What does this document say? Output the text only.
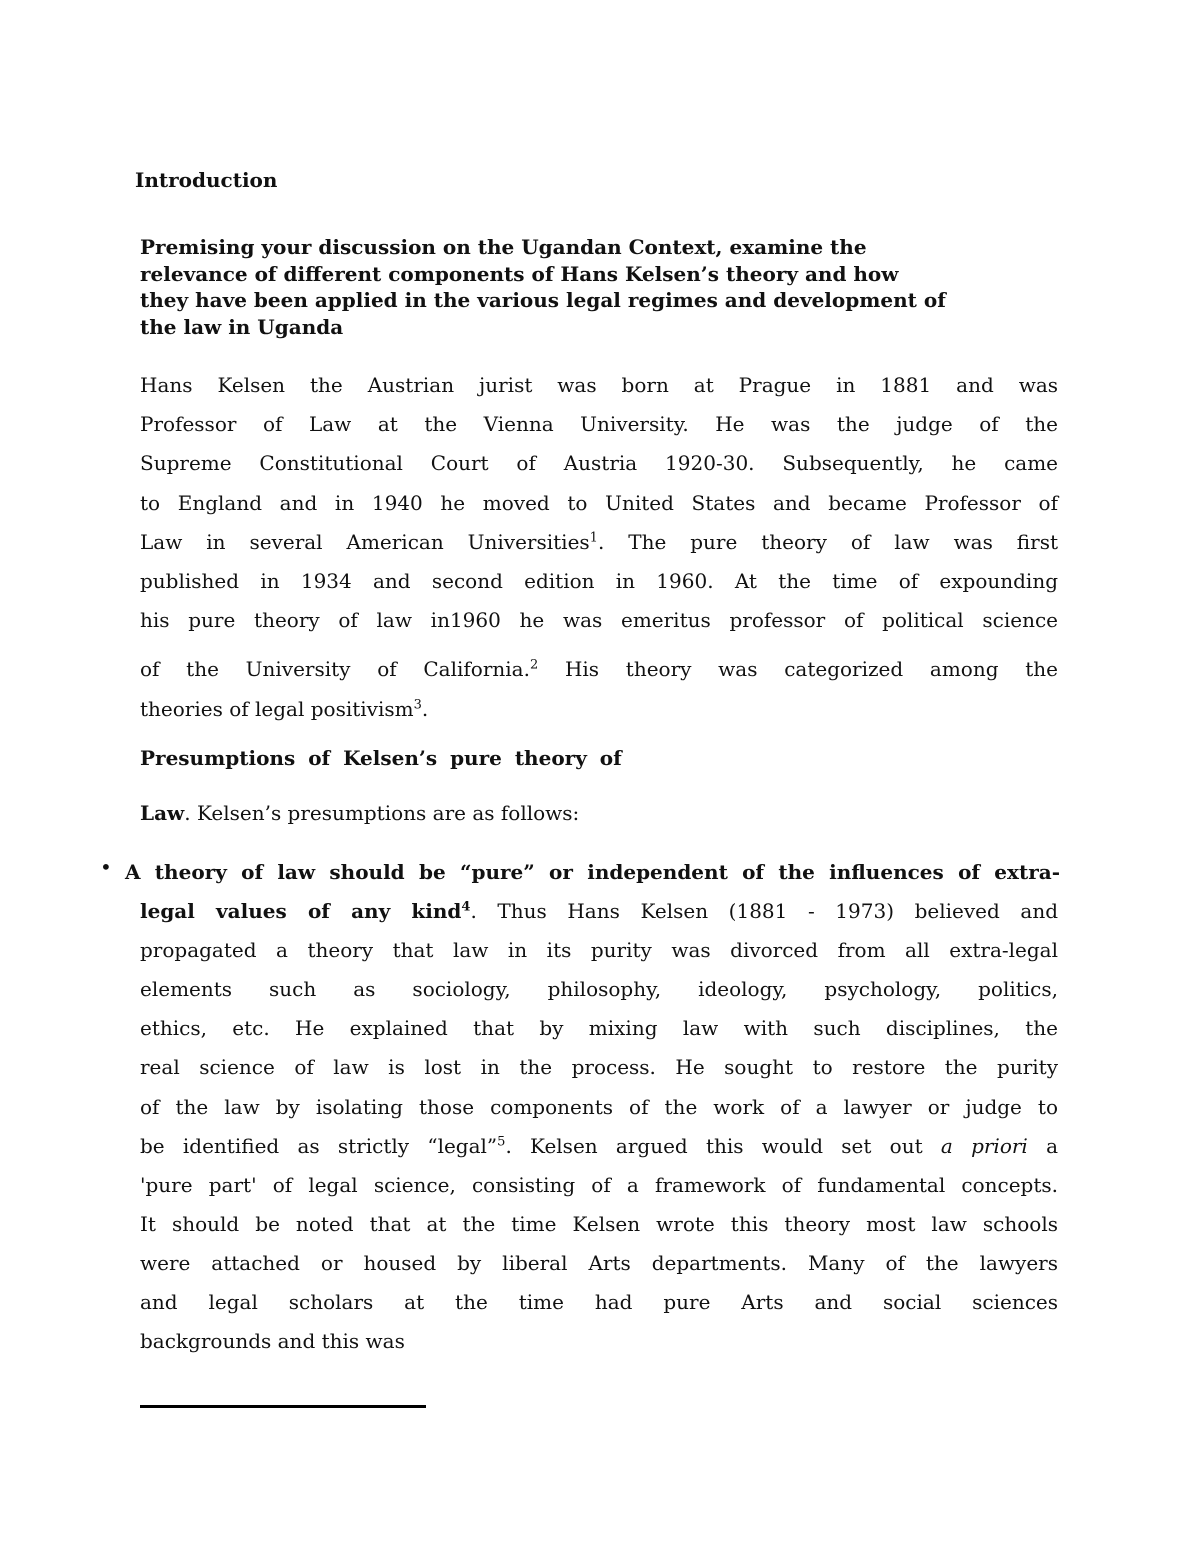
Introduction
Premising your discussion on the Ugandan Context, examine the
relevance of different components of Hans Kelsen’s theory and how
they have been applied in the various legal regimes and development of
the law in Uganda
Hans Kelsen the Austrian jurist was born at Prague in 1881 and was
Professor of Law at the Vienna University. He was the judge of the
Supreme Constitutional Court of Austria 1920-30. Subsequently, he came
to England and in 1940 he moved to United States and became Professor of
Law in several American Universities$^1$. The pure theory of law was first
published in 1934 and second edition in 1960. At the time of expounding
his pure theory of law in1960 he was emeritus professor of political science
of the University of California.$^2$ His theory was categorized among the
theories of legal positivism$^3$.
Presumptions of Kelsen’s pure theory of
Law. Kelsen’s presumptions are as follows:
• A theory of law should be “pure” or independent of the influences of extra-
legal values of any kind$^4$. Thus Hans Kelsen (1881 - 1973) believed and
propagated a theory that law in its purity was divorced from all extra-legal
elements such as sociology, philosophy, ideology, psychology, politics,
ethics, etc. He explained that by mixing law with such disciplines, the
real science of law is lost in the process. He sought to restore the purity
of the law by isolating those components of the work of a lawyer or judge to
be identified as strictly “legal”$^5$. Kelsen argued this would set out a priori a
'pure part' of legal science, consisting of a framework of fundamental concepts.
It should be noted that at the time Kelsen wrote this theory most law schools
were attached or housed by liberal Arts departments. Many of the lawyers
and legal scholars at the time had pure Arts and social sciences
backgrounds and this was
